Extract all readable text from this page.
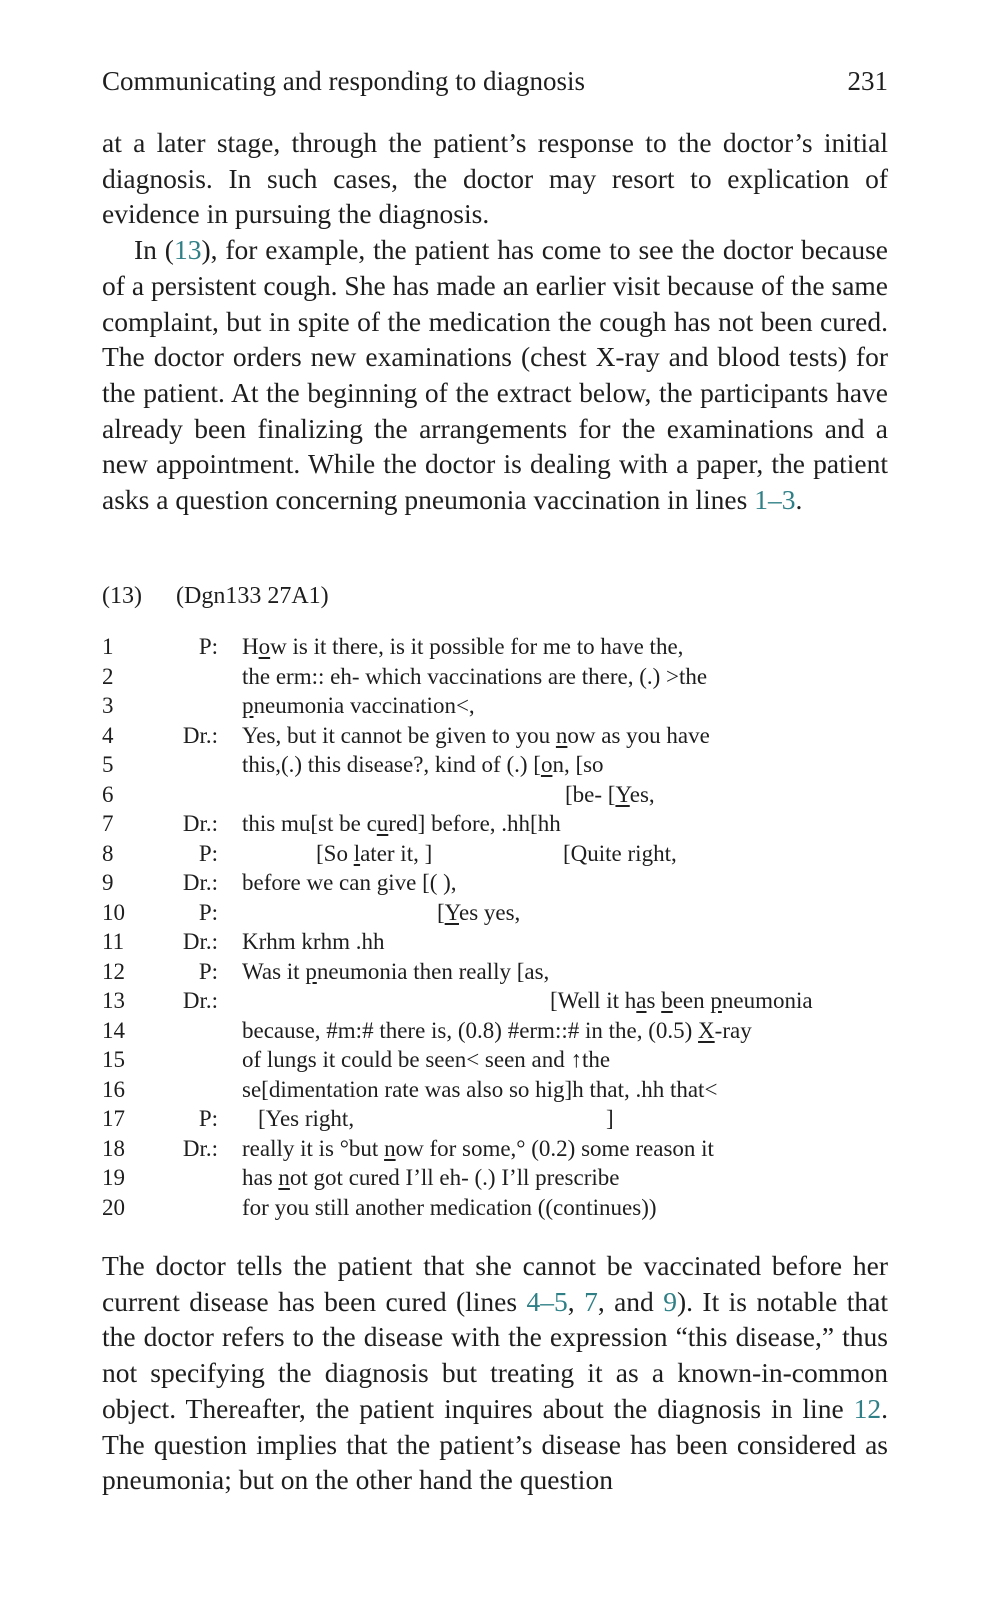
Communicating and responding to diagnosis	231

at a later stage, through the patient’s response to the doctor’s initial diagnosis. In such cases, the doctor may resort to explication of evidence in pursuing the diagnosis.

In (13), for example, the patient has come to see the doctor because of a persistent cough. She has made an earlier visit because of the same complaint, but in spite of the medication the cough has not been cured. The doctor orders new examinations (chest X-ray and blood tests) for the patient. At the beginning of the extract below, the participants have already been finalizing the arrangements for the examinations and a new appointment. While the doctor is dealing with a paper, the patient asks a question concerning pneumonia vaccination in lines 1–3.

(13) (Dgn133 27A1)
1	P: How is it there, is it possible for me to have the,
2	the erm:: eh- which vaccinations are there, (.) >the
3	pneumonia vaccination<,
4	Dr.: Yes, but it cannot be given to you now as you have
5	this,(.) this disease?, kind of (.) [on, [so
6	[be- [Yes,
7	Dr.: this mu[st be cured] before, .hh[hh
8	P:	[So later it, ]	[Quite right,
9	Dr.: before we can give [( ),
10	P:	[Yes yes,
11	Dr.: Krhm krhm .hh
12	P: Was it pneumonia then really [as,
13	Dr.:	[Well it has been pneumonia
14	because, #m:# there is, (0.8) #erm::# in the, (0.5) X-ray
15	of lungs it could be seen< seen and ↑the
16	se[dimentation rate was also so hig]h that, .hh that<
17	P: [Yes right,	]
18	Dr.: really it is °but now for some,° (0.2) some reason it
19	has not got cured I’ll eh- (.) I’ll prescribe
20	for you still another medication ((continues))

The doctor tells the patient that she cannot be vaccinated before her current disease has been cured (lines 4–5, 7, and 9). It is notable that the doctor refers to the disease with the expression “this disease,” thus not specifying the diagnosis but treating it as a known-in-common object. Thereafter, the patient inquires about the diagnosis in line 12. The question implies that the patient’s disease has been considered as pneumonia; but on the other hand the question
